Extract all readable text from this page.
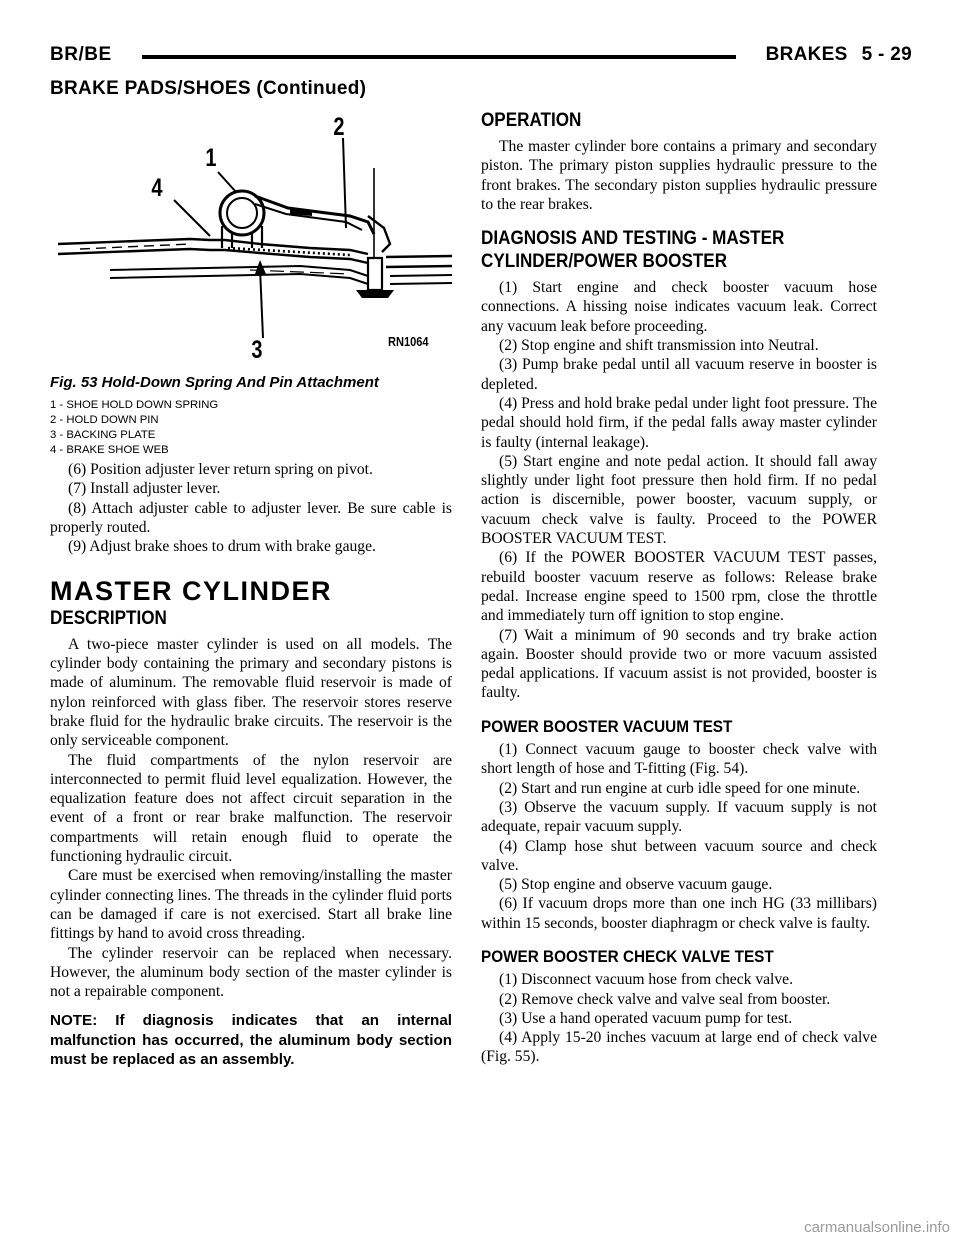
BR/BE	BRAKES 5 - 29
BRAKE PADS/SHOES (Continued)
1
2
3
4
RN1064
Fig. 53 Hold-Down Spring And Pin Attachment
1 - SHOE HOLD DOWN SPRING
2 - HOLD DOWN PIN
3 - BACKING PLATE
4 - BRAKE SHOE WEB

(6) Position adjuster lever return spring on pivot.

(7) Install adjuster lever.

(8) Attach adjuster cable to adjuster lever. Be sure cable is properly routed.

(9) Adjust brake shoes to drum with brake gauge.

MASTER CYLINDER
DESCRIPTION

A two-piece master cylinder is used on all models. The cylinder body containing the primary and secondary pistons is made of aluminum. The removable fluid reservoir is made of nylon reinforced with glass fiber. The reservoir stores reserve brake fluid for the hydraulic brake circuits. The reservoir is the only serviceable component.

The fluid compartments of the nylon reservoir are interconnected to permit fluid level equalization. However, the equalization feature does not affect circuit separation in the event of a front or rear brake malfunction. The reservoir compartments will retain enough fluid to operate the functioning hydraulic circuit.

Care must be exercised when removing/installing the master cylinder connecting lines. The threads in the cylinder fluid ports can be damaged if care is not exercised. Start all brake line fittings by hand to avoid cross threading.

The cylinder reservoir can be replaced when necessary. However, the aluminum body section of the master cylinder is not a repairable component.

NOTE: If diagnosis indicates that an internal malfunction has occurred, the aluminum body section must be replaced as an assembly.

OPERATION

The master cylinder bore contains a primary and secondary piston. The primary piston supplies hydraulic pressure to the front brakes. The secondary piston supplies hydraulic pressure to the rear brakes.

DIAGNOSIS AND TESTING - MASTER
CYLINDER/POWER BOOSTER

(1) Start engine and check booster vacuum hose connections. A hissing noise indicates vacuum leak. Correct any vacuum leak before proceeding.

(2) Stop engine and shift transmission into Neutral.

(3) Pump brake pedal until all vacuum reserve in booster is depleted.

(4) Press and hold brake pedal under light foot pressure. The pedal should hold firm, if the pedal falls away master cylinder is faulty (internal leakage).

(5) Start engine and note pedal action. It should fall away slightly under light foot pressure then hold firm. If no pedal action is discernible, power booster, vacuum supply, or vacuum check valve is faulty. Proceed to the POWER BOOSTER VACUUM TEST.

(6) If the POWER BOOSTER VACUUM TEST passes, rebuild booster vacuum reserve as follows: Release brake pedal. Increase engine speed to 1500 rpm, close the throttle and immediately turn off ignition to stop engine.

(7) Wait a minimum of 90 seconds and try brake action again. Booster should provide two or more vacuum assisted pedal applications. If vacuum assist is not provided, booster is faulty.

POWER BOOSTER VACUUM TEST

(1) Connect vacuum gauge to booster check valve with short length of hose and T-fitting (Fig. 54).

(2) Start and run engine at curb idle speed for one minute.

(3) Observe the vacuum supply. If vacuum supply is not adequate, repair vacuum supply.

(4) Clamp hose shut between vacuum source and check valve.

(5) Stop engine and observe vacuum gauge.

(6) If vacuum drops more than one inch HG (33 millibars) within 15 seconds, booster diaphragm or check valve is faulty.

POWER BOOSTER CHECK VALVE TEST

(1) Disconnect vacuum hose from check valve.

(2) Remove check valve and valve seal from booster.

(3) Use a hand operated vacuum pump for test.

(4) Apply 15-20 inches vacuum at large end of check valve (Fig. 55).

carmanualsonline.info
